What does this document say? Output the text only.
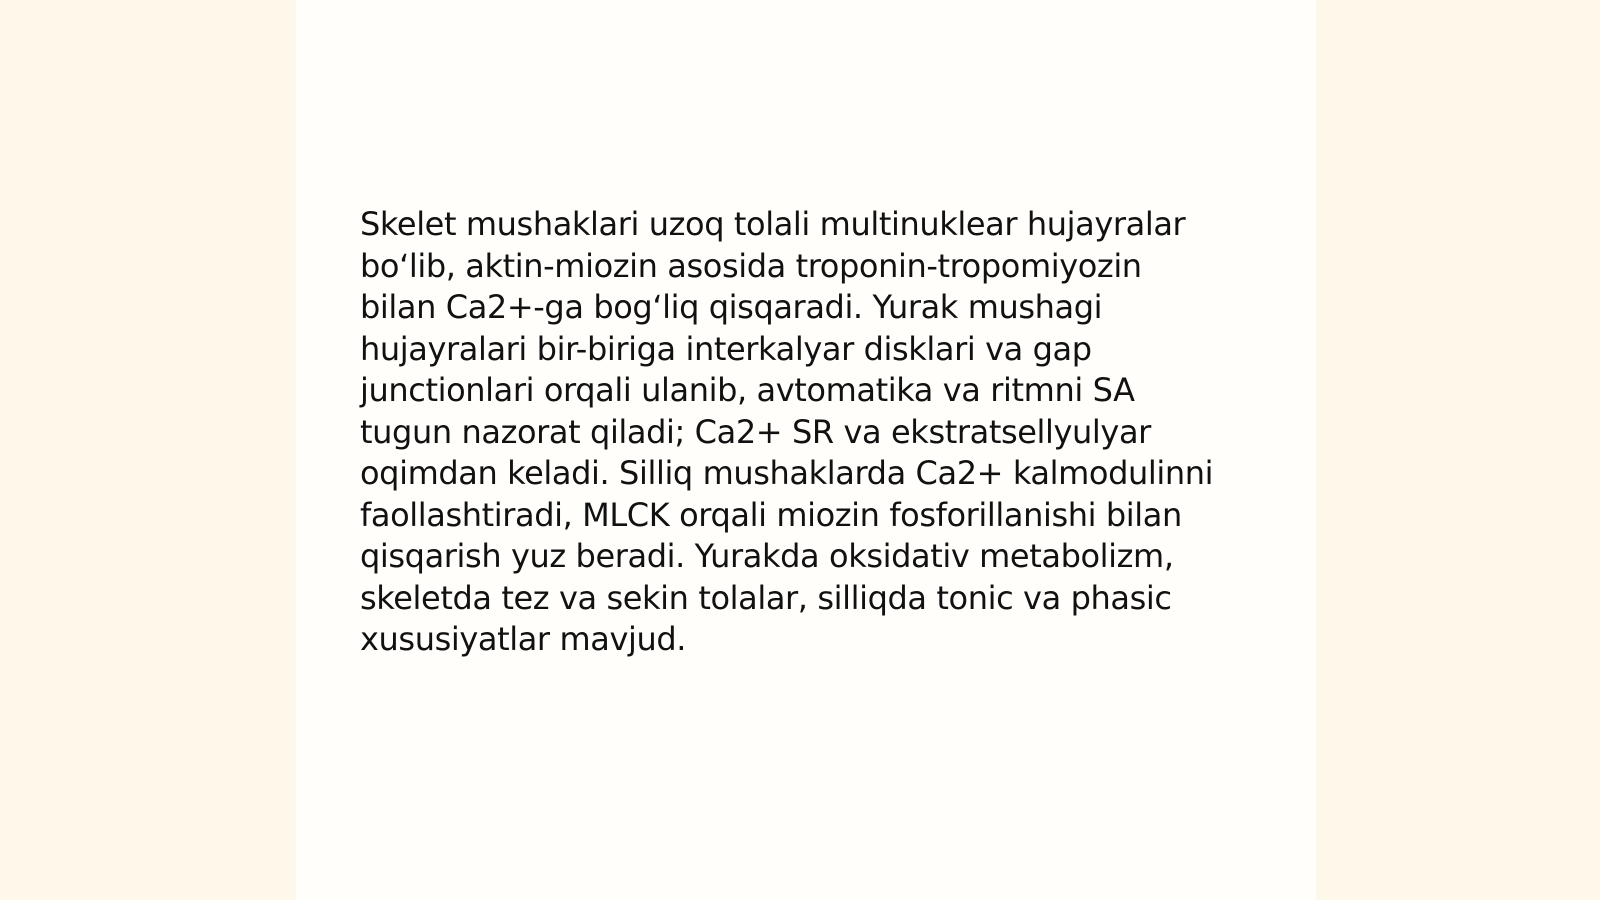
Skelet mushaklari uzoq tolali multinuklear hujayralar
bo‘lib, aktin-miozin asosida troponin-tropomiyozin
bilan Ca2+-ga bog‘liq qisqaradi. Yurak mushagi
hujayralari bir-biriga interkalyar disklari va gap
junctionlari orqali ulanib, avtomatika va ritmni SA
tugun nazorat qiladi; Ca2+ SR va ekstratsellyulyar
oqimdan keladi. Silliq mushaklarda Ca2+ kalmodulinni
faollashtiradi, MLCK orqali miozin fosforillanishi bilan
qisqarish yuz beradi. Yurakda oksidativ metabolizm,
skeletda tez va sekin tolalar, silliqda tonic va phasic
xususiyatlar mavjud.
